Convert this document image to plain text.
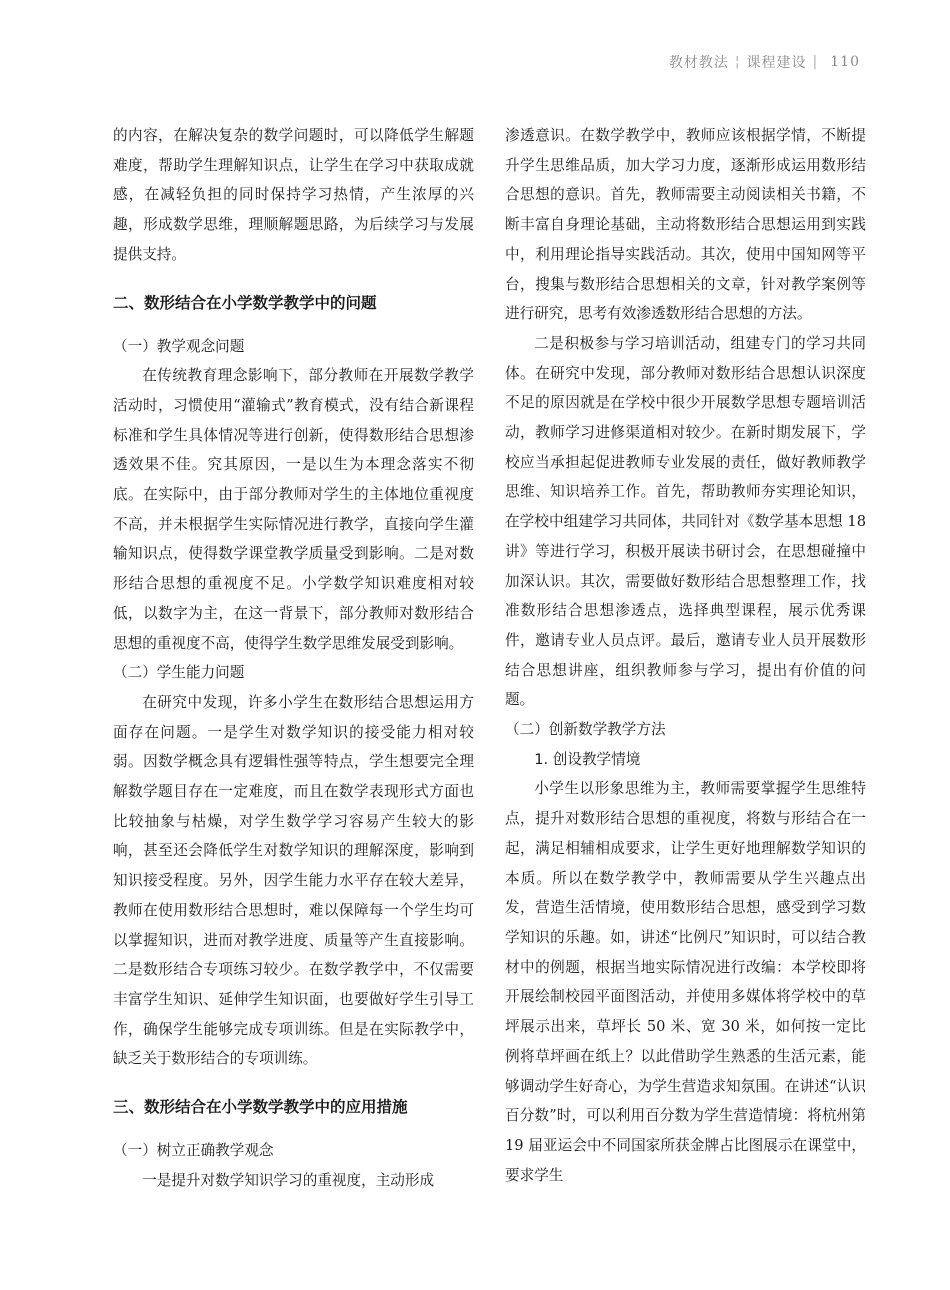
教材教法 ¦ 课程建设 | 110

的内容，在解决复杂的数学问题时，可以降低学生解题难度，帮助学生理解知识点，让学生在学习中获取成就感，在减轻负担的同时保持学习热情，产生浓厚的兴趣，形成数学思维，理顺解题思路，为后续学习与发展提供支持。

二、数形结合在小学数学教学中的问题
（一）教学观念问题

在传统教育理念影响下，部分教师在开展数学教学活动时，习惯使用“灌输式”教育模式，没有结合新课程标准和学生具体情况等进行创新，使得数形结合思想渗透效果不佳。究其原因，一是以生为本理念落实不彻底。在实际中，由于部分教师对学生的主体地位重视度不高，并未根据学生实际情况进行教学，直接向学生灌输知识点，使得数学课堂教学质量受到影响。二是对数形结合思想的重视度不足。小学数学知识难度相对较低，以数字为主，在这一背景下，部分教师对数形结合思想的重视度不高，使得学生数学思维发展受到影响。

（二）学生能力问题

在研究中发现，许多小学生在数形结合思想运用方面存在问题。一是学生对数学知识的接受能力相对较弱。因数学概念具有逻辑性强等特点，学生想要完全理解数学题目存在一定难度，而且在数学表现形式方面也比较抽象与枯燥，对学生数学学习容易产生较大的影响，甚至还会降低学生对数学知识的理解深度，影响到知识接受程度。另外，因学生能力水平存在较大差异，教师在使用数形结合思想时，难以保障每一个学生均可以掌握知识，进而对教学进度、质量等产生直接影响。二是数形结合专项练习较少。在数学教学中，不仅需要丰富学生知识、延伸学生知识面，也要做好学生引导工作，确保学生能够完成专项训练。但是在实际教学中，缺乏关于数形结合的专项训练。

三、数形结合在小学数学教学中的应用措施
（一）树立正确教学观念

一是提升对数学知识学习的重视度，主动形成

渗透意识。在数学教学中，教师应该根据学情，不断提升学生思维品质，加大学习力度，逐渐形成运用数形结合思想的意识。首先，教师需要主动阅读相关书籍，不断丰富自身理论基础，主动将数形结合思想运用到实践中，利用理论指导实践活动。其次，使用中国知网等平台，搜集与数形结合思想相关的文章，针对教学案例等进行研究，思考有效渗透数形结合思想的方法。

二是积极参与学习培训活动，组建专门的学习共同体。在研究中发现，部分教师对数形结合思想认识深度不足的原因就是在学校中很少开展数学思想专题培训活动，教师学习进修渠道相对较少。在新时期发展下，学校应当承担起促进教师专业发展的责任，做好教师教学思维、知识培养工作。首先，帮助教师夯实理论知识，在学校中组建学习共同体，共同针对《数学基本思想 18 讲》等进行学习，积极开展读书研讨会，在思想碰撞中加深认识。其次，需要做好数形结合思想整理工作，找准数形结合思想渗透点，选择典型课程，展示优秀课件，邀请专业人员点评。最后，邀请专业人员开展数形结合思想讲座，组织教师参与学习，提出有价值的问题。

（二）创新数学教学方法
1. 创设教学情境

小学生以形象思维为主，教师需要掌握学生思维特点，提升对数形结合思想的重视度，将数与形结合在一起，满足相辅相成要求，让学生更好地理解数学知识的本质。所以在数学教学中，教师需要从学生兴趣点出发，营造生活情境，使用数形结合思想，感受到学习数学知识的乐趣。如，讲述“比例尺”知识时，可以结合教材中的例题，根据当地实际情况进行改编：本学校即将开展绘制校园平面图活动，并使用多媒体将学校中的草坪展示出来，草坪长 50 米、宽 30 米，如何按一定比例将草坪画在纸上？以此借助学生熟悉的生活元素，能够调动学生好奇心，为学生营造求知氛围。在讲述“认识百分数”时，可以利用百分数为学生营造情境：将杭州第 19 届亚运会中不同国家所获金牌占比图展示在课堂中，要求学生
